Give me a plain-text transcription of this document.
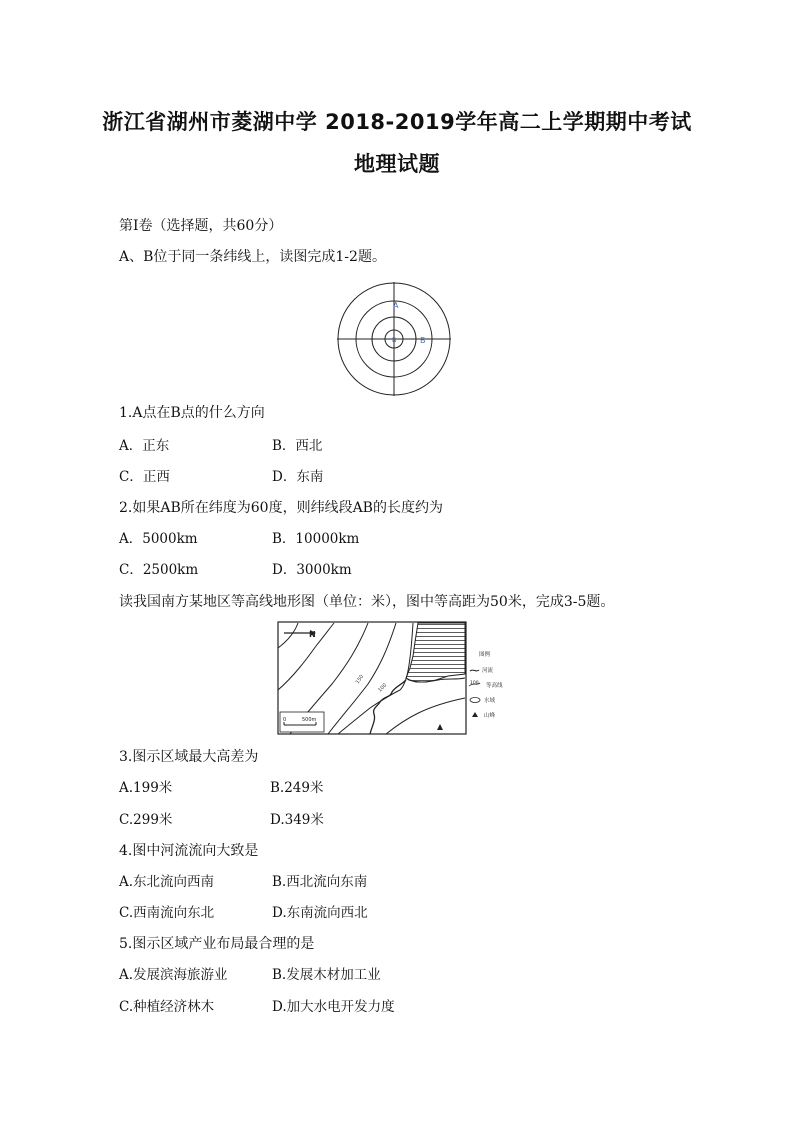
浙江省湖州市菱湖中学 2018-2019学年高二上学期期中考试
地理试题
第Ⅰ卷（选择题，共60分）
A、B位于同一条纬线上，读图完成1-2题。
A
B
N
1.A点在B点的什么方向
A．正东	B．西北
C．正西	D．东南
2.如果AB所在纬度为60度，则纬线段AB的长度约为
A．5000km	B．10000km
C．2500km	D．3000km
读我国南方某地区等高线地形图（单位：米），图中等高距为50米，完成3-5题。
150
100
N
0	500m
图例
河流
100 等高线
水域
山峰
3.图示区域最大高差为
A.199米	B.249米
C.299米	D.349米
4.图中河流流向大致是
A.东北流向西南	B.西北流向东南
C.西南流向东北	D.东南流向西北
5.图示区域产业布局最合理的是
A.发展滨海旅游业	B.发展木材加工业
C.种植经济林木	D.加大水电开发力度
